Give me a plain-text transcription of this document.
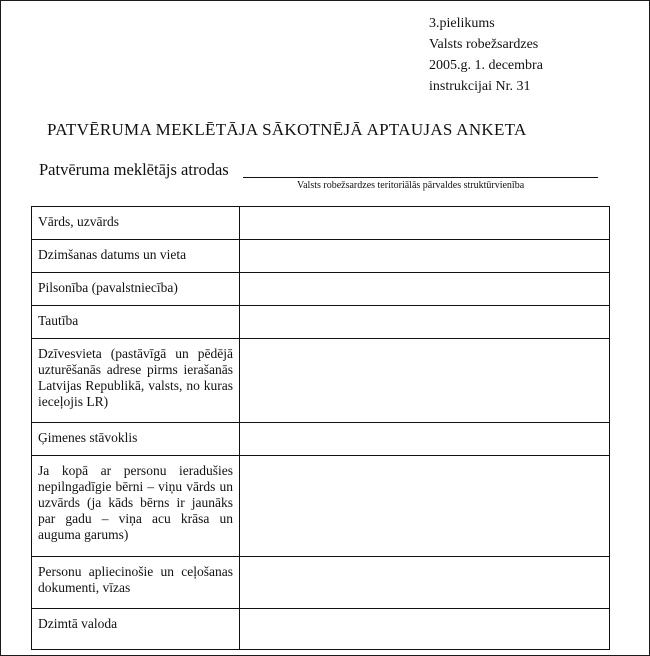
3.pielikums
Valsts robežsardzes
2005.g. 1. decembra
instrukcijai Nr. 31
PATVĒRUMA MEKLĒTĀJA SĀKOTNĒJĀ APTAUJAS ANKETA
Patvēruma meklētājs atrodas
Valsts robežsardzes teritoriālās pārvaldes struktūrvienība
Vārds, uzvārds	

Dzimšanas datums un vieta	

Pilsonība (pavalstniecība)	

Tautība	

Dzīvesvieta (pastāvīgā un pēdējā uzturēšanās adrese pirms ierašanās Latvijas Republikā, valsts, no kuras ieceļojis LR)	

Ģimenes stāvoklis	

Ja kopā ar personu ieradušies nepilngadīgie bērni – viņu vārds un uzvārds (ja kāds bērns ir jaunāks par gadu – viņa acu krāsa un auguma garums)	

Personu apliecinošie un ceļošanas dokumenti, vīzas	

Dzimtā valoda	
